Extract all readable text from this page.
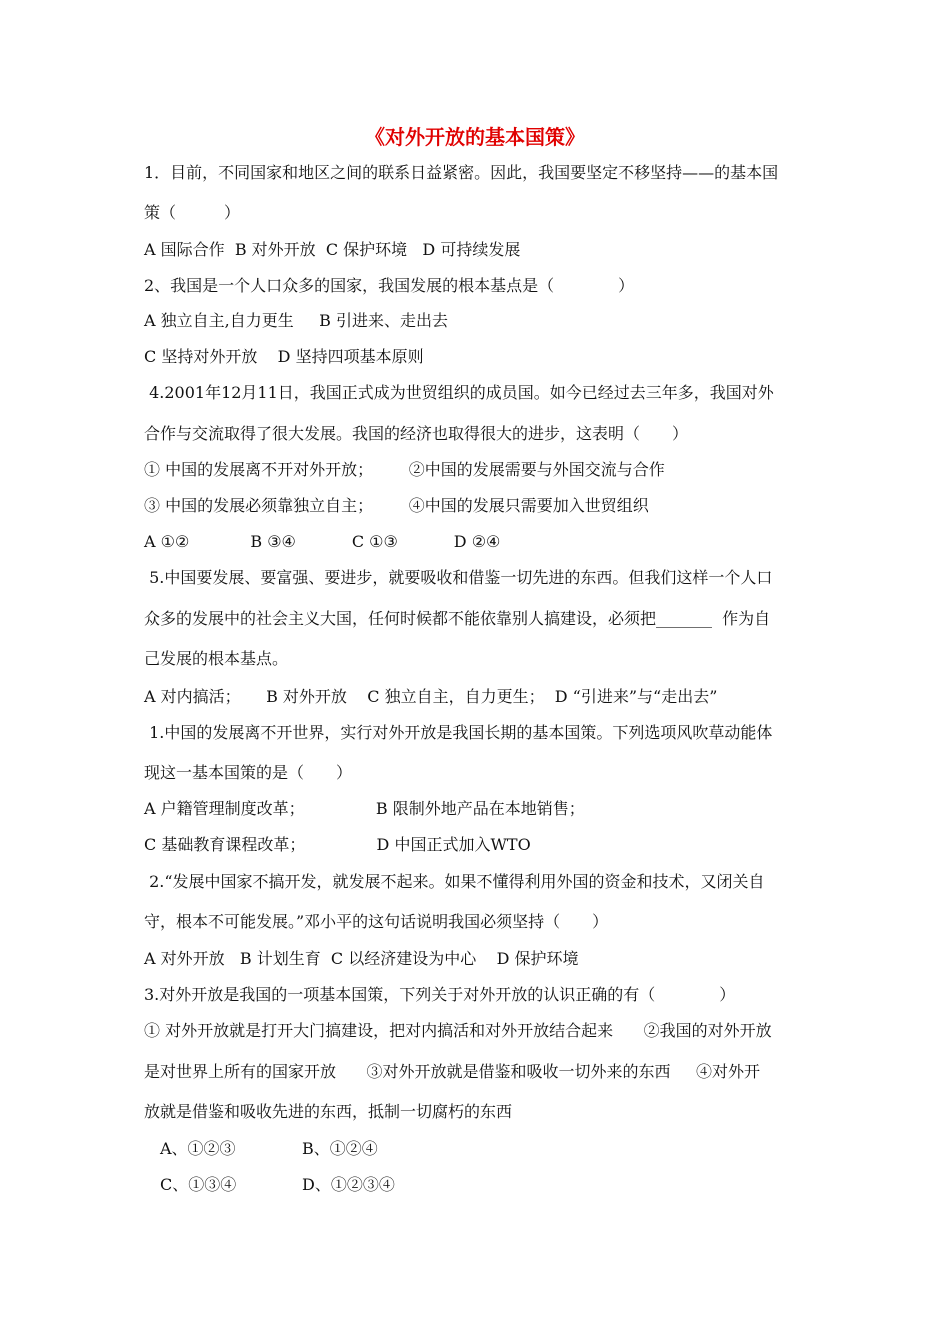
《对外开放的基本国策》
1．目前，不同国家和地区之间的联系日益紧密。因此，我国要坚定不移坚持——的基本国
策（　　　）
A 国际合作  B 对外开放  C 保护环境   D 可持续发展
2、我国是一个人口众多的国家，我国发展的根本基点是（　　　　）
A 独立自主,自力更生     B 引进来、走出去
C 坚持对外开放    D 坚持四项基本原则
4.2001年12月11日，我国正式成为世贸组织的成员国。如今已经过去三年多，我国对外
合作与交流取得了很大发展。我国的经济也取得很大的进步，这表明（　　）
① 中国的发展离不开对外开放；       ②中国的发展需要与外国交流与合作
③ 中国的发展必须靠独立自主；       ④中国的发展只需要加入世贸组织
A ①②            B ③④           C ①③           D ②④
5.中国要发展、要富强、要进步，就要吸收和借鉴一切先进的东西。但我们这样一个人口
众多的发展中的社会主义大国，任何时候都不能依靠别人搞建设，必须把_______  作为自
己发展的根本基点。
A 对内搞活；     B 对外开放    C 独立自主，自力更生；  D “引进来”与“走出去”
1.中国的发展离不开世界，实行对外开放是我国长期的基本国策。下列选项风吹草动能体
现这一基本国策的是（　　）
A 户籍管理制度改革；              B 限制外地产品在本地销售；
C 基础教育课程改革；              D 中国正式加入WTO
2.“发展中国家不搞开发，就发展不起来。如果不懂得利用外国的资金和技术，又闭关自
守，根本不可能发展。”邓小平的这句话说明我国必须坚持（　　）
A 对外开放   B 计划生育  C 以经济建设为中心    D 保护环境
3.对外开放是我国的一项基本国策，下列关于对外开放的认识正确的有（　　　　）
① 对外开放就是打开大门搞建设，把对内搞活和对外开放结合起来      ②我国的对外开放
是对世界上所有的国家开放      ③对外开放就是借鉴和吸收一切外来的东西     ④对外开
放就是借鉴和吸收先进的东西，抵制一切腐朽的东西
A、①②③	B、①②④
C、①③④	D、①②③④
